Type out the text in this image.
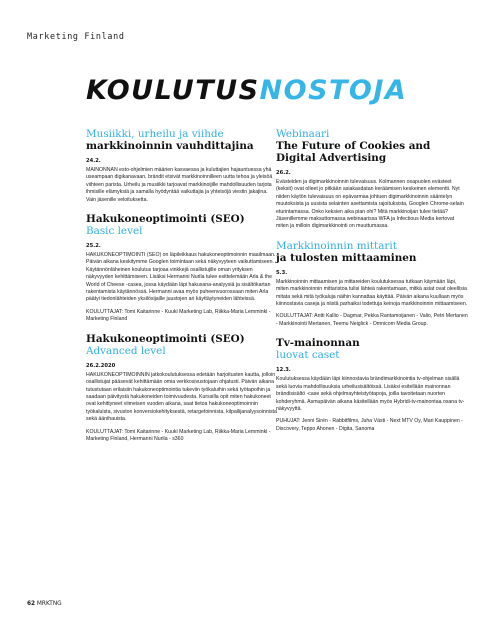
Marketing Finland
KOULUTUSNOSTOJA
Musiikki, urheilu ja viihde markkinoinnin vauhdittajina
24.2.

MAINONNAN esto-ohjelmien määrien kasvaessa ja kuluttajien hajauntuessa yhä useampaan digikanavaan, brändit etsivät markkinoinnilleen uutta tehoa ja yleisöä viihteen parista. Urheilu ja musiikki tarjoavat markkinoijille mahdollisuuden tarjota ihmisille elämyksiä ja samalla hyödyntää vaikuttajia ja yhteisöjä viestin jakajina. Vain jäsenille veloituksetta.

Hakukoneoptimointi (SEO)
Basic level
25.2.

HAKUKONEOPTIMOINTI (SEO) on läpileikkaus hakukoneoptimoinnin maailmaan. Päivän aikana keskitymme Googlen toimintaan sekä näkyvyyteen vaikuttamiseen. Käytännönläheinen koulutus tarjoaa vinkkejä osallistujille oman yrityksen näkyvyyden kehittämiseen. Lisäksi Hermanni Nurila tulee esittelemään Arla & the World of Cheese -casea, jossa käydään läpi hakusana-analyysiä ja sisältökartan rakentamista käytännössä. Hermanni avaa myös puheenvuorossaan miten Arla päätyi tiedonlähteiden yksilösijaille juustojen ari käyttäytyneiden lähteissä.

KOULUTTAJAT: Tomi Kaitarinne - Kuuki Marketing Lab, Riikka-Maria Lemminki - Marketing Finland

Hakukoneoptimointi (SEO)
Advanced level
26.2.2020

HAKUKONEOPTIMOINNIN jatkokoulutuksessa edetään harjoitusten kautta, jolloin osallistujat pääsevät kehittämään omia verkkosivustojaan ohjatusti. Päivän aikana tutustutaan erilaisiin hakukoneoptimointia tukeviin työkaluihin sekä työtapoihin ja saadaan päivitystä hakukoneiden toimivuudesta. Kurssilla opit miten hakukoneet ovat kehittyneet viimeisen vuoden aikana, saat tietoa hakukoneoptimoinnin työkaluista, sivuston konversiokehityksestä, retargetoinnista, kilpailijanalyysoinnista sekä äänihauista.

KOULUTTAJAT: Tomi Kaitarinne - Kuuki Marketing Lab, Riikka-Maria Lemminki - Marketing Finland, Hermanni Nurila - s360

Webinaari
The Future of Cookies and Digital Advertising
26.2.

Evästeiden ja digimarkkinoinnin tulevaisuus. Kolmannen osapuolen evästeet (keksit) ovat olleet jo pitkään asiakasdatan keräämisen keskeinen elementti. Nyt niiden käytön tulevaisuus on epävarmaa johtuen digimarkkinoinnin sääntelyn muutoksista ja uusista selainten asettamista rajoituksista, Googlen Chrome-selain eturintamassa. Onko keksien aika pian ohi? Mitä markkinoijan tulee tietää? Jäsenillemme maksuttomassa webinaarissa WFA ja Infectious Media kertovat miten ja milloin digimarkkinointi on muuttumassa.

Markkinoinnin mittarit
ja tulosten mittaaminen
5.3.

Markkinoinnin mittaamisen ja mittareiden koulutuksessa tutkaan käymään läpi, miten markkinoinnin mittaristoa tulisi lähteä rakentamaan, mitkä asiat ovat oleellisia mitata sekä mitä työkaluja näihin kannattaa käyttää. Päivän aikana kuullaan myös kiinnostavia caseja ja niistä parhaiksi todettuja keinoja markkinoinnin mittaamiseen.

KOULUTTAJAT: Antti Kallio - Dagmar, Pekka Rantamoijanen - Valio, Petri Mertanen - Markkinointi Mertanen, Teemu Neiglick - Omnicom Media Group.

Tv-mainonnan
luovat caset
12.3.

Koulutuksessa käydään läpi kiinnostavia brändimarkkinointia tv-ohjelman sisällä sekä luovia mahdollisuuksia urheilusisältöissä. Lisäksi esitellään mainonnan brändisisältö -case sekä ohjelmayhteistyötapoja, joilla tavoitetaan nuorten kohderyhmä. Asmupäivän aikana käsitellään myös Hybridi-tv-mainontaa osana tv-näkyvyyttä.

PUHUJAT: Jenni Sirén - Rabbitfilms, Juha Västi - Next MTV Oy, Mari Kauppinen - Discovery, Teppo Ahonen - Digita, Sanoma

62 MRKTNG
